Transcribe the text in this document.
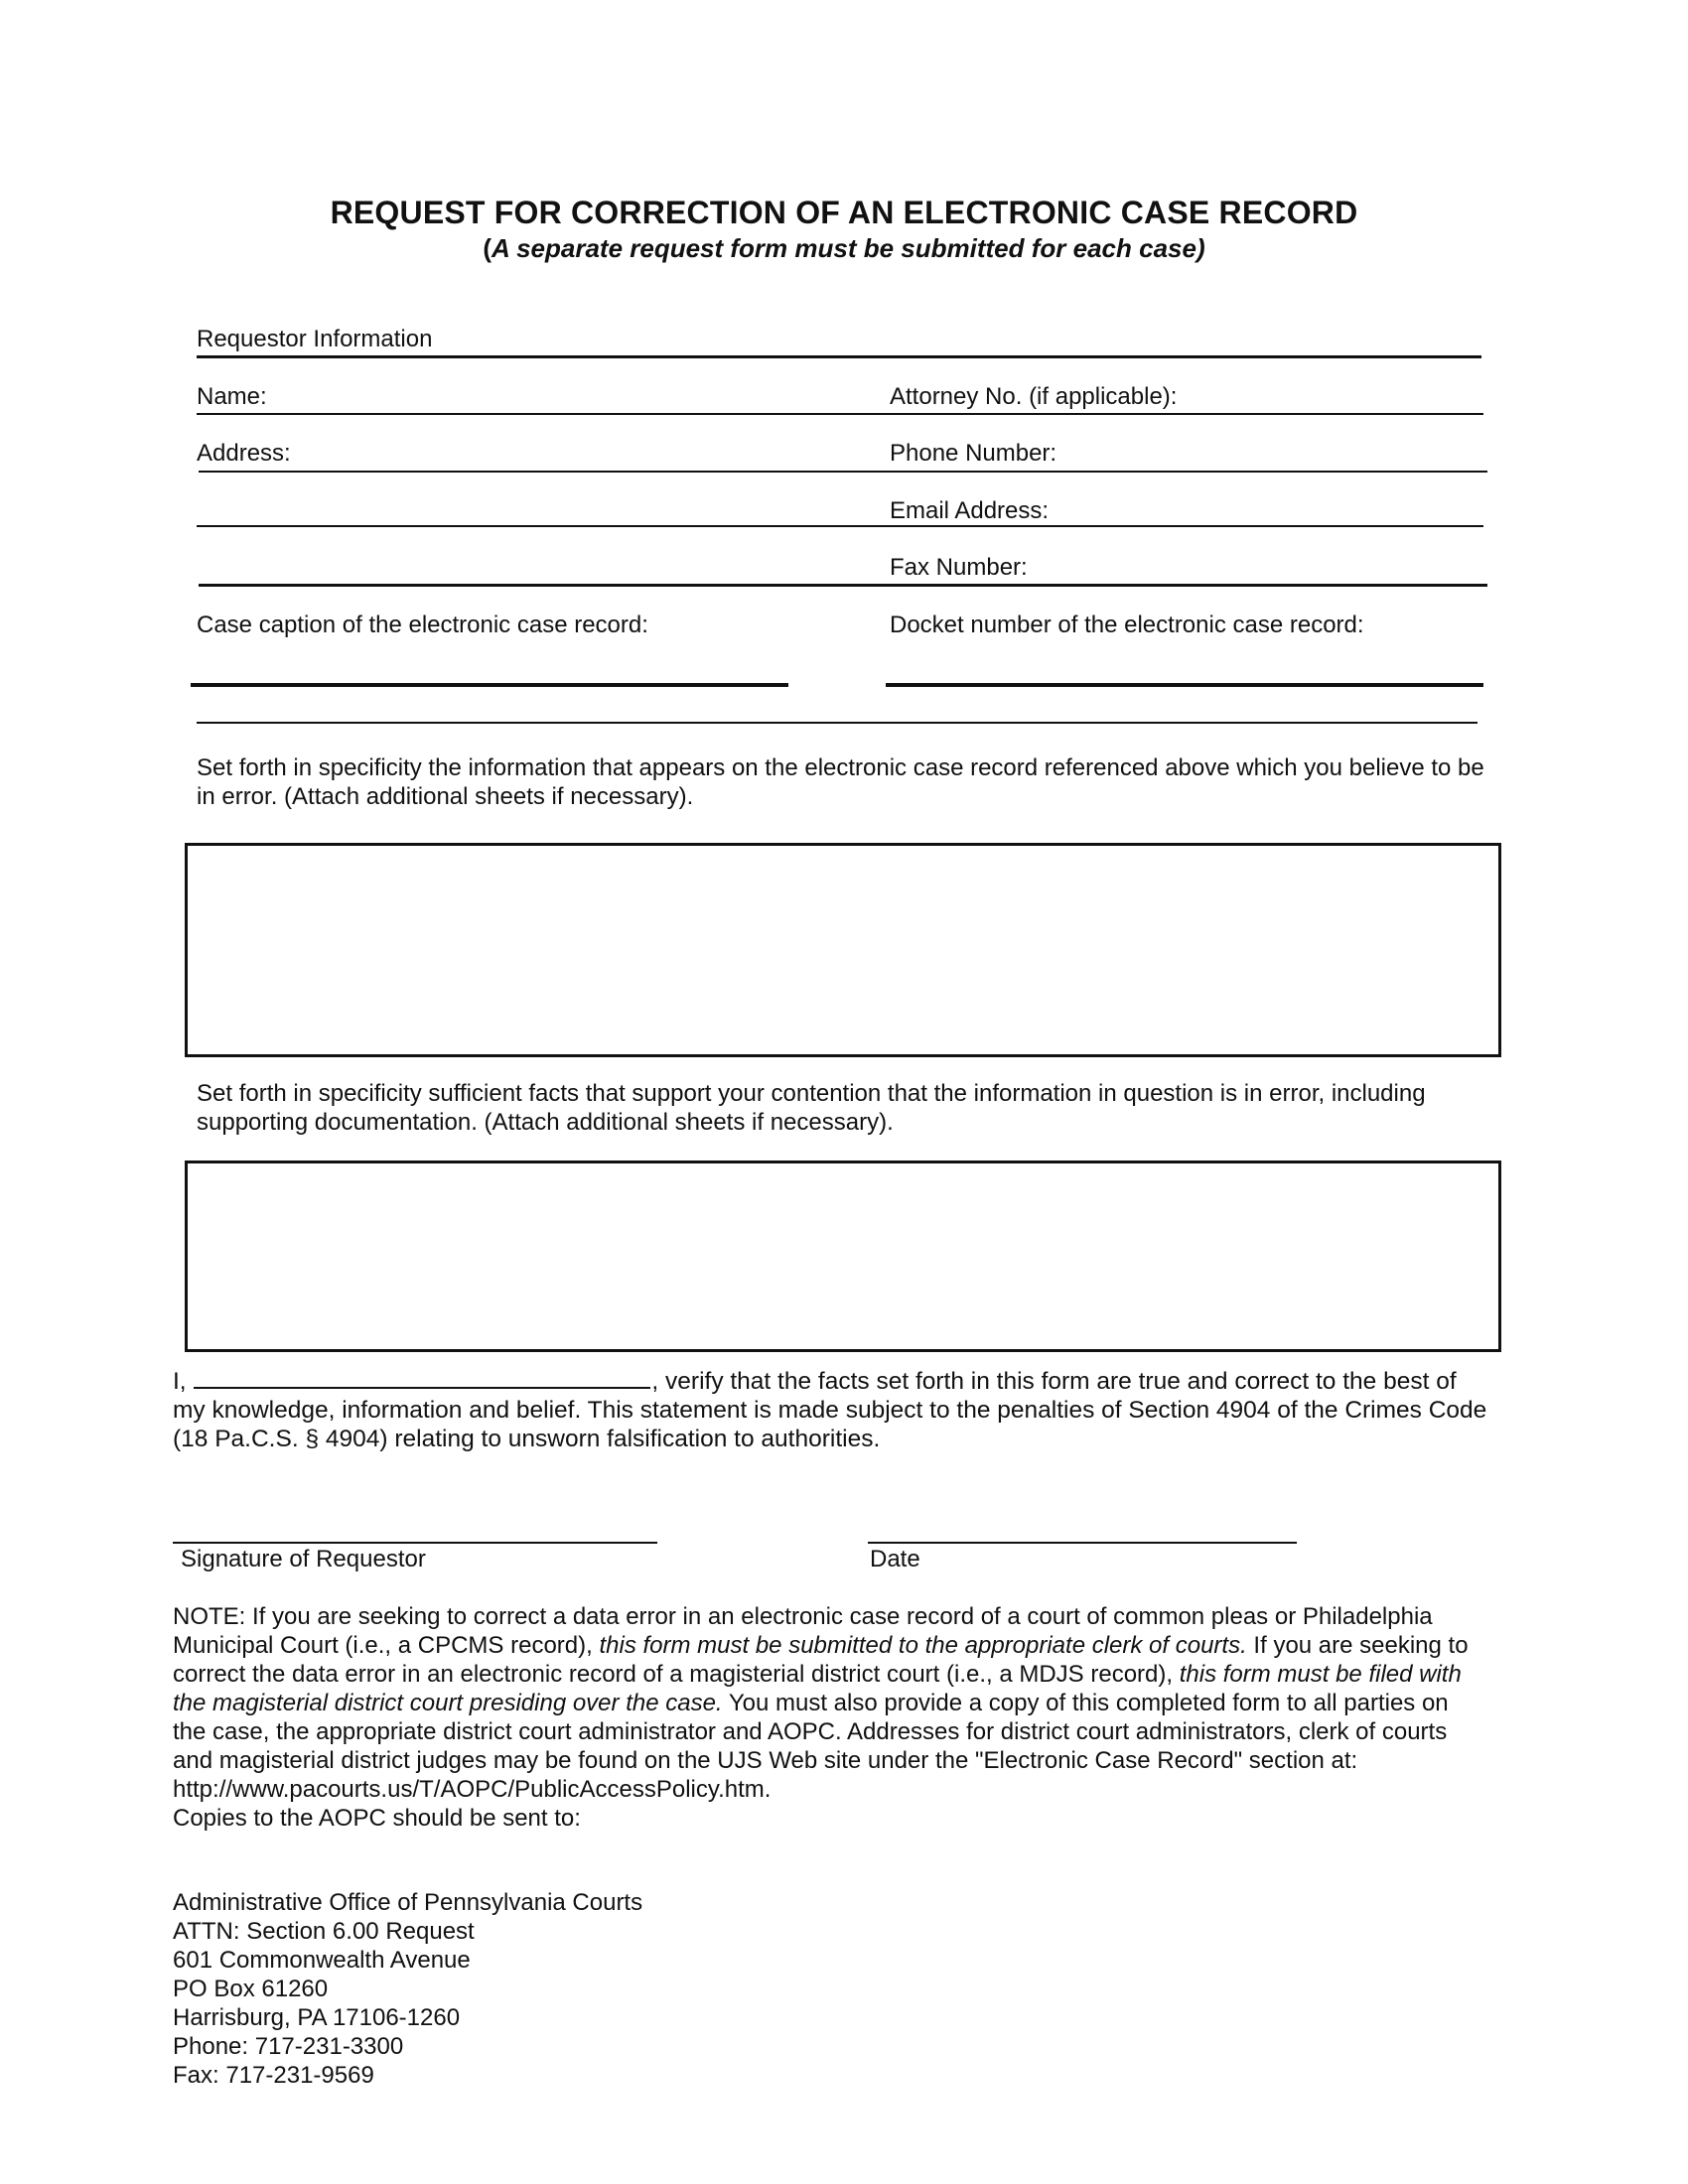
REQUEST FOR CORRECTION OF AN ELECTRONIC CASE RECORD
(A separate request form must be submitted for each case)
Requestor Information
Name:	Attorney No. (if applicable):
Address:	Phone Number:
Email Address:
Fax Number:
Case caption of the electronic case record:	Docket number of the electronic case record:
Set forth in specificity the information that appears on the electronic case record referenced above which you believe to be in error. (Attach additional sheets if necessary).
Set forth in specificity sufficient facts that support your contention that the information in question is in error, including supporting documentation. (Attach additional sheets if necessary).
I,	, verify that the facts set forth in this form are true and correct to the best of my knowledge, information and belief. This statement is made subject to the penalties of Section 4904 of the Crimes Code (18 Pa.C.S. § 4904) relating to unsworn falsification to authorities.
Signature of Requestor	Date
NOTE: If you are seeking to correct a data error in an electronic case record of a court of common pleas or Philadelphia Municipal Court (i.e., a CPCMS record), this form must be submitted to the appropriate clerk of courts. If you are seeking to correct the data error in an electronic record of a magisterial district court (i.e., a MDJS record), this form must be filed with the magisterial district court presiding over the case. You must also provide a copy of this completed form to all parties on the case, the appropriate district court administrator and AOPC. Addresses for district court administrators, clerk of courts and magisterial district judges may be found on the UJS Web site under the "Electronic Case Record" section at: http://www.pacourts.us/T/AOPC/PublicAccessPolicy.htm.
Copies to the AOPC should be sent to:
Administrative Office of Pennsylvania Courts
ATTN: Section 6.00 Request
601 Commonwealth Avenue
PO Box 61260
Harrisburg, PA 17106-1260
Phone: 717-231-3300
Fax: 717-231-9569
